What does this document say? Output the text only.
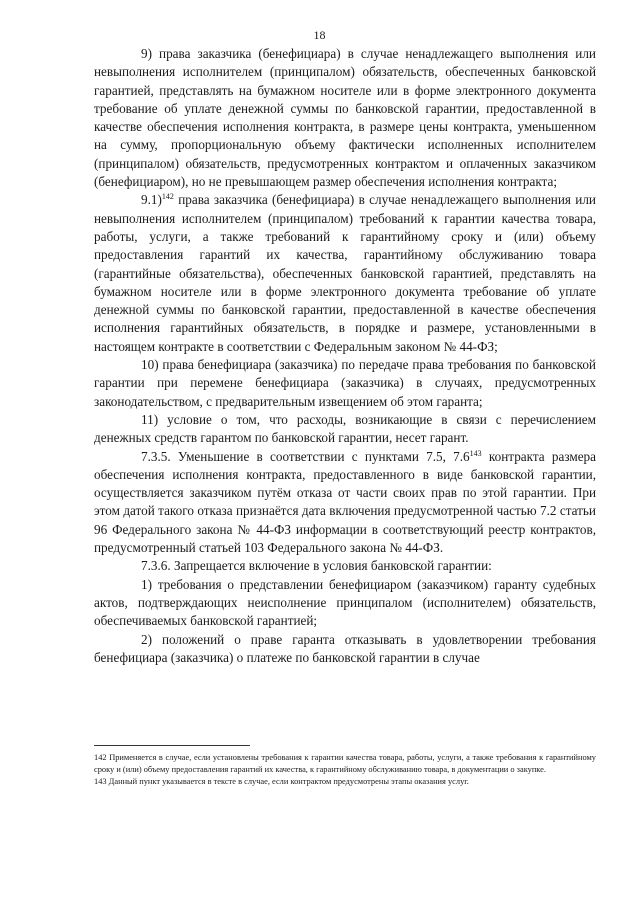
18

9) права заказчика (бенефициара) в случае ненадлежащего выполнения или невыполнения исполнителем (принципалом) обязательств, обеспеченных банковской гарантией, представлять на бумажном носителе или в форме электронного документа требование об уплате денежной суммы по банковской гарантии, предоставленной в качестве обеспечения исполнения контракта, в размере цены контракта, уменьшенном на сумму, пропорциональную объему фактически исполненных исполнителем (принципалом) обязательств, предусмотренных контрактом и оплаченных заказчиком (бенефициаром), но не превышающем размер обеспечения исполнения контракта;

9.1)$^{142}$ права заказчика (бенефициара) в случае ненадлежащего выполнения или невыполнения исполнителем (принципалом) требований к гарантии качества товара, работы, услуги, а также требований к гарантийному сроку и (или) объему предоставления гарантий их качества, гарантийному обслуживанию товара (гарантийные обязательства), обеспеченных банковской гарантией, представлять на бумажном носителе или в форме электронного документа требование об уплате денежной суммы по банковской гарантии, предоставленной в качестве обеспечения исполнения гарантийных обязательств, в порядке и размере, установленными в настоящем контракте в соответствии с Федеральным законом № 44-ФЗ;

10) права бенефициара (заказчика) по передаче права требования по банковской гарантии при перемене бенефициара (заказчика) в случаях, предусмотренных законодательством, с предварительным извещением об этом гаранта;

11) условие о том, что расходы, возникающие в связи с перечислением денежных средств гарантом по банковской гарантии, несет гарант.

7.3.5. Уменьшение в соответствии с пунктами 7.5, $7.6^{143}$ контракта размера обеспечения исполнения контракта, предоставленного в виде банковской гарантии, осуществляется заказчиком путём отказа от части своих прав по этой гарантии. При этом датой такого отказа признаётся дата включения предусмотренной частью 7.2 статьи 96 Федерального закона № 44-ФЗ информации в соответствующий реестр контрактов, предусмотренный статьей 103 Федерального закона № 44-ФЗ.

7.3.6. Запрещается включение в условия банковской гарантии:

1) требования о представлении бенефициаром (заказчиком) гаранту судебных актов, подтверждающих неисполнение принципалом (исполнителем) обязательств, обеспечиваемых банковской гарантией;

2) положений о праве гаранта отказывать в удовлетворении требования бенефициара (заказчика) о платеже по банковской гарантии в случае

142 Применяется в случае, если установлены требования к гарантии качества товара, работы, услуги, а также требования к гарантийному сроку и (или) объему предоставления гарантий их качества, к гарантийному обслуживанию товара, в документации о закупке.

143 Данный пункт указывается в тексте в случае, если контрактом предусмотрены этапы оказания услуг.
